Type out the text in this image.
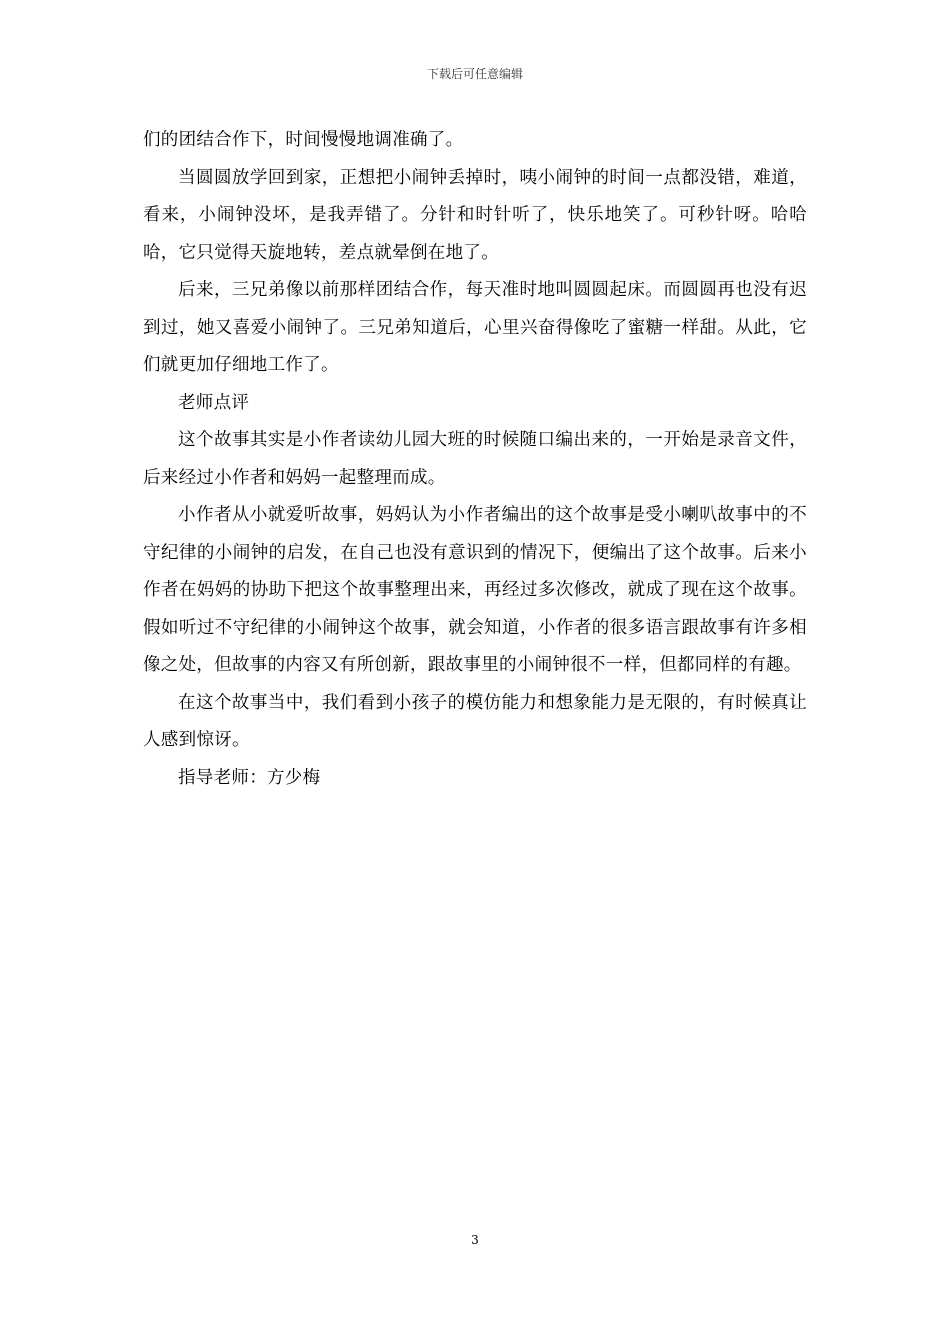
下载后可任意编辑

们的团结合作下，时间慢慢地调准确了。

当圆圆放学回到家，正想把小闹钟丢掉时，咦小闹钟的时间一点都没错，难道，看来，小闹钟没坏，是我弄错了。分针和时针听了，快乐地笑了。可秒针呀。哈哈哈，它只觉得天旋地转，差点就晕倒在地了。

后来，三兄弟像以前那样团结合作，每天准时地叫圆圆起床。而圆圆再也没有迟到过，她又喜爱小闹钟了。三兄弟知道后，心里兴奋得像吃了蜜糖一样甜。从此，它们就更加仔细地工作了。

老师点评

这个故事其实是小作者读幼儿园大班的时候随口编出来的，一开始是录音文件，后来经过小作者和妈妈一起整理而成。

小作者从小就爱听故事，妈妈认为小作者编出的这个故事是受小喇叭故事中的不守纪律的小闹钟的启发，在自己也没有意识到的情况下，便编出了这个故事。后来小作者在妈妈的协助下把这个故事整理出来，再经过多次修改，就成了现在这个故事。假如听过不守纪律的小闹钟这个故事，就会知道，小作者的很多语言跟故事有许多相像之处，但故事的内容又有所创新，跟故事里的小闹钟很不一样，但都同样的有趣。

在这个故事当中，我们看到小孩子的模仿能力和想象能力是无限的，有时候真让人感到惊讶。

指导老师：方少梅

3
